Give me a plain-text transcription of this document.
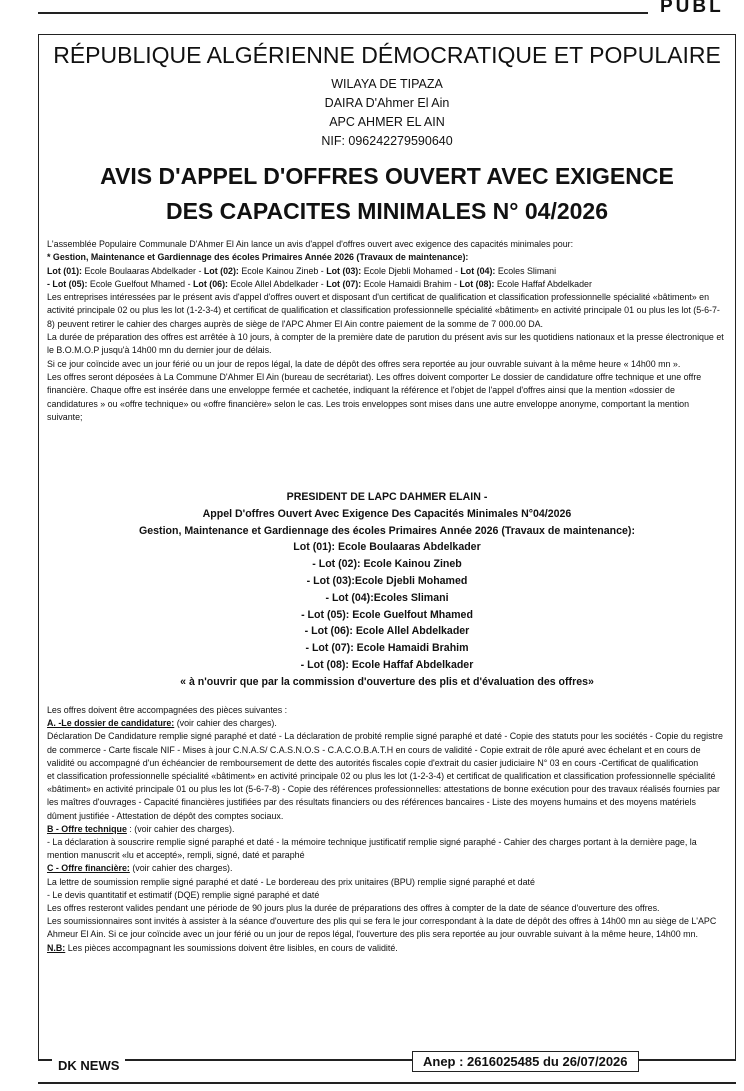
PUBL
RÉPUBLIQUE ALGÉRIENNE DÉMOCRATIQUE ET POPULAIRE
WILAYA DE TIPAZA
DAIRA D'Ahmer El Ain
APC AHMER EL AIN
NIF: 096242279590640
AVIS D'APPEL D'OFFRES OUVERT AVEC EXIGENCE
DES CAPACITES MINIMALES N° 04/2026

L'assemblée Populaire Communale D'Ahmer El Ain lance un avis d'appel d'offres ouvert avec exigence des capacités minimales pour:

* Gestion, Maintenance et Gardiennage des écoles Primaires Année 2026 (Travaux de maintenance):

Lot (01): Ecole Boulaaras Abdelkader - Lot (02): Ecole Kainou Zineb - Lot (03): Ecole Djebli Mohamed - Lot (04): Ecoles Slimani

- Lot (05): Ecole Guelfout Mhamed - Lot (06): Ecole Allel Abdelkader - Lot (07): Ecole Hamaidi Brahim - Lot (08): Ecole Haffaf Abdelkader

Les entreprises intéressées par le présent avis d'appel d'offres ouvert et disposant d'un certificat de qualification et classification professionnelle spécialité «bâtiment» en activité principale 02 ou plus les lot (1-2-3-4) et certificat de qualification et classification professionnelle spécialité «bâtiment» en activité principale 01 ou plus les lot (5-6-7-8) peuvent retirer le cahier des charges auprès de siège de l'APC Ahmer El Ain contre paiement de la somme de 7 000.00 DA.

La durée de préparation des offres est arrêtée à 10 jours, à compter de la première date de parution du présent avis sur les quotidiens nationaux et la presse électronique et le B.O.M.O.P jusqu'à 14h00 mn du dernier jour de délais.

Si ce jour coïncide avec un jour férié ou un jour de repos légal, la date de dépôt des offres sera reportée au jour ouvrable suivant à la même heure « 14h00 mn ».

Les offres seront déposées à La Commune D'Ahmer El Ain (bureau de secrétariat). Les offres doivent comporter Le dossier de candidature offre technique et une offre financière. Chaque offre est insérée dans une enveloppe fermée et cachetée, indiquant la référence et l'objet de l'appel d'offres ainsi que la mention «dossier de candidatures » ou «offre technique» ou «offre financière» selon le cas. Les trois enveloppes sont mises dans une autre enveloppe anonyme, comportant la mention suivante;

PRESIDENT DE LAPC DAHMER ELAIN -

Appel D'offres Ouvert Avec Exigence Des Capacités Minimales N°04/2026

Gestion, Maintenance et Gardiennage des écoles Primaires Année 2026 (Travaux de maintenance):

Lot (01): Ecole Boulaaras Abdelkader

- Lot (02): Ecole Kainou Zineb

- Lot (03):Ecole Djebli Mohamed

- Lot (04):Ecoles Slimani

- Lot (05): Ecole Guelfout Mhamed

- Lot (06): Ecole Allel Abdelkader

- Lot (07): Ecole Hamaidi Brahim

- Lot (08): Ecole Haffaf Abdelkader

« à n'ouvrir que par la commission d'ouverture des plis et d'évaluation des offres»

Les offres doivent être accompagnées des pièces suivantes :

A. -Le dossier de candidature: (voir cahier des charges).

Déclaration De Candidature remplie signé paraphé et daté - La déclaration de probité remplie signé paraphé et daté - Copie des statuts pour les sociétés - Copie du registre de commerce - Carte fiscale NIF - Mises à jour C.N.A.S/ C.A.S.N.O.S - C.A.C.O.B.A.T.H en cours de validité - Copie extrait de rôle apuré avec échelant et en cours de validité ou accompagné d'un échéancier de remboursement de dette des autorités fiscales copie d'extrait du casier judiciaire N° 03 en cours -Certificat de qualification

et classification professionnelle spécialité «bâtiment» en activité principale 02 ou plus les lot (1-2-3-4) et certificat de qualification et classification professionnelle spécialité «bâtiment» en activité principale 01 ou plus les lot (5-6-7-8) - Copie des références professionnelles: attestations de bonne exécution pour des travaux réalisés fournies par les maîtres d'ouvrages - Capacité financières justifiées par des résultats financiers ou des références bancaires - Liste des moyens humains et des moyens matériels dûment justifiée - Attestation de dépôt des comptes sociaux.

B - Offre technique : (voir cahier des charges).

- La déclaration à souscrire remplie signé paraphé et daté - la mémoire technique justificatif remplie signé paraphé - Cahier des charges portant à la dernière page, la mention manuscrit «lu et accepté», rempli, signé, daté et paraphé

C - Offre financière: (voir cahier des charges).

La lettre de soumission remplie signé paraphé et daté - Le bordereau des prix unitaires (BPU) remplie signé paraphé et daté

- Le devis quantitatif et estimatif (DQE) remplie signé paraphé et daté

Les offres resteront valides pendant une période de 90 jours plus la durée de préparations des offres à compter de la date de séance d'ouverture des offres.

Les soumissionnaires sont invités à assister à la séance d'ouverture des plis qui se fera le jour correspondant à la date de dépôt des offres à 14h00 mn au siège de L'APC Ahmeur El Ain. Si ce jour coïncide avec un jour férié ou un jour de repos légal, l'ouverture des plis sera reportée au jour ouvrable suivant à la même heure, 14h00 mn.

N.B: Les pièces accompagnant les soumissions doivent être lisibles, en cours de validité.

DK NEWS	Anep : 2616025485 du 26/07/2026
